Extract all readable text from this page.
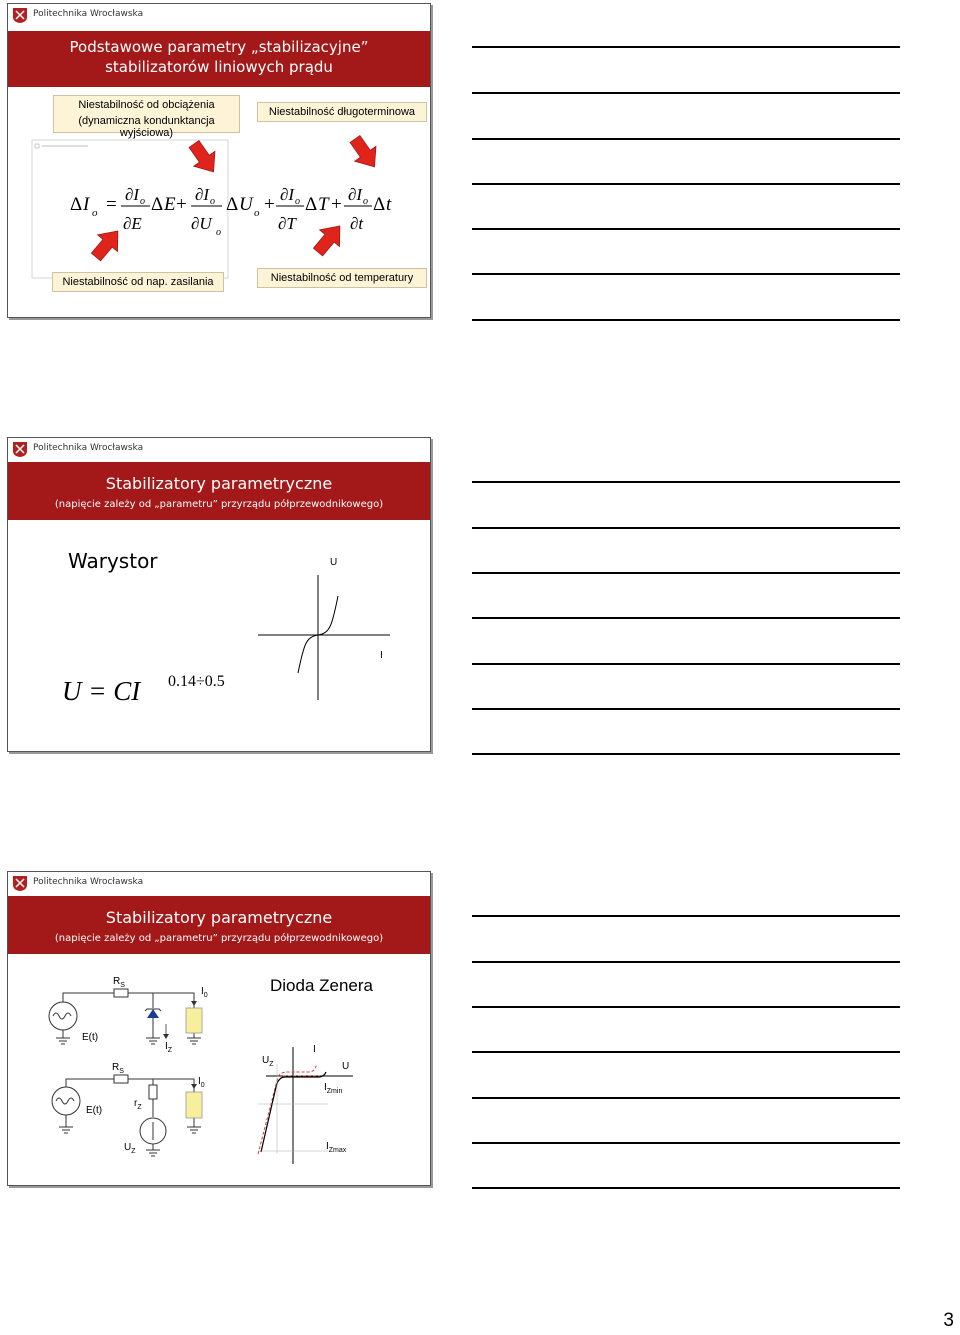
Politechnika Wrocławska
Podstawowe parametry „stabilizacyjne”
stabilizatorów liniowych prądu
Niestabilność od obciążenia
(dynamiczna kondunktancja wyjściowa)
Niestabilność długoterminowa
Δ I o = ∂I o
∂E
Δ E + ∂I o
∂U o
Δ U o + ∂I o
∂T
Δ T + ∂I o
∂t
Δ t
Niestabilność od nap. zasilania	Niestabilność od temperatury
Politechnika Wrocławska
Stabilizatory parametryczne
(napięcie zależy od „parametru” przyrządu półprzewodnikowego)
Warystor	U
I
U = CI 0.14÷0.5
Politechnika Wrocławska
Stabilizatory parametryczne
(napięcie zależy od „parametru” przyrządu półprzewodnikowego)
Dioda Zenera
$R_S$
$I_0$
E(t)
$I_Z$
$R_S$
$I_0$
E(t)
$r_Z$
$U_Z$
$U_Z$
I
U
$I_{Zmin}$
$I_{Zmax}$
3
